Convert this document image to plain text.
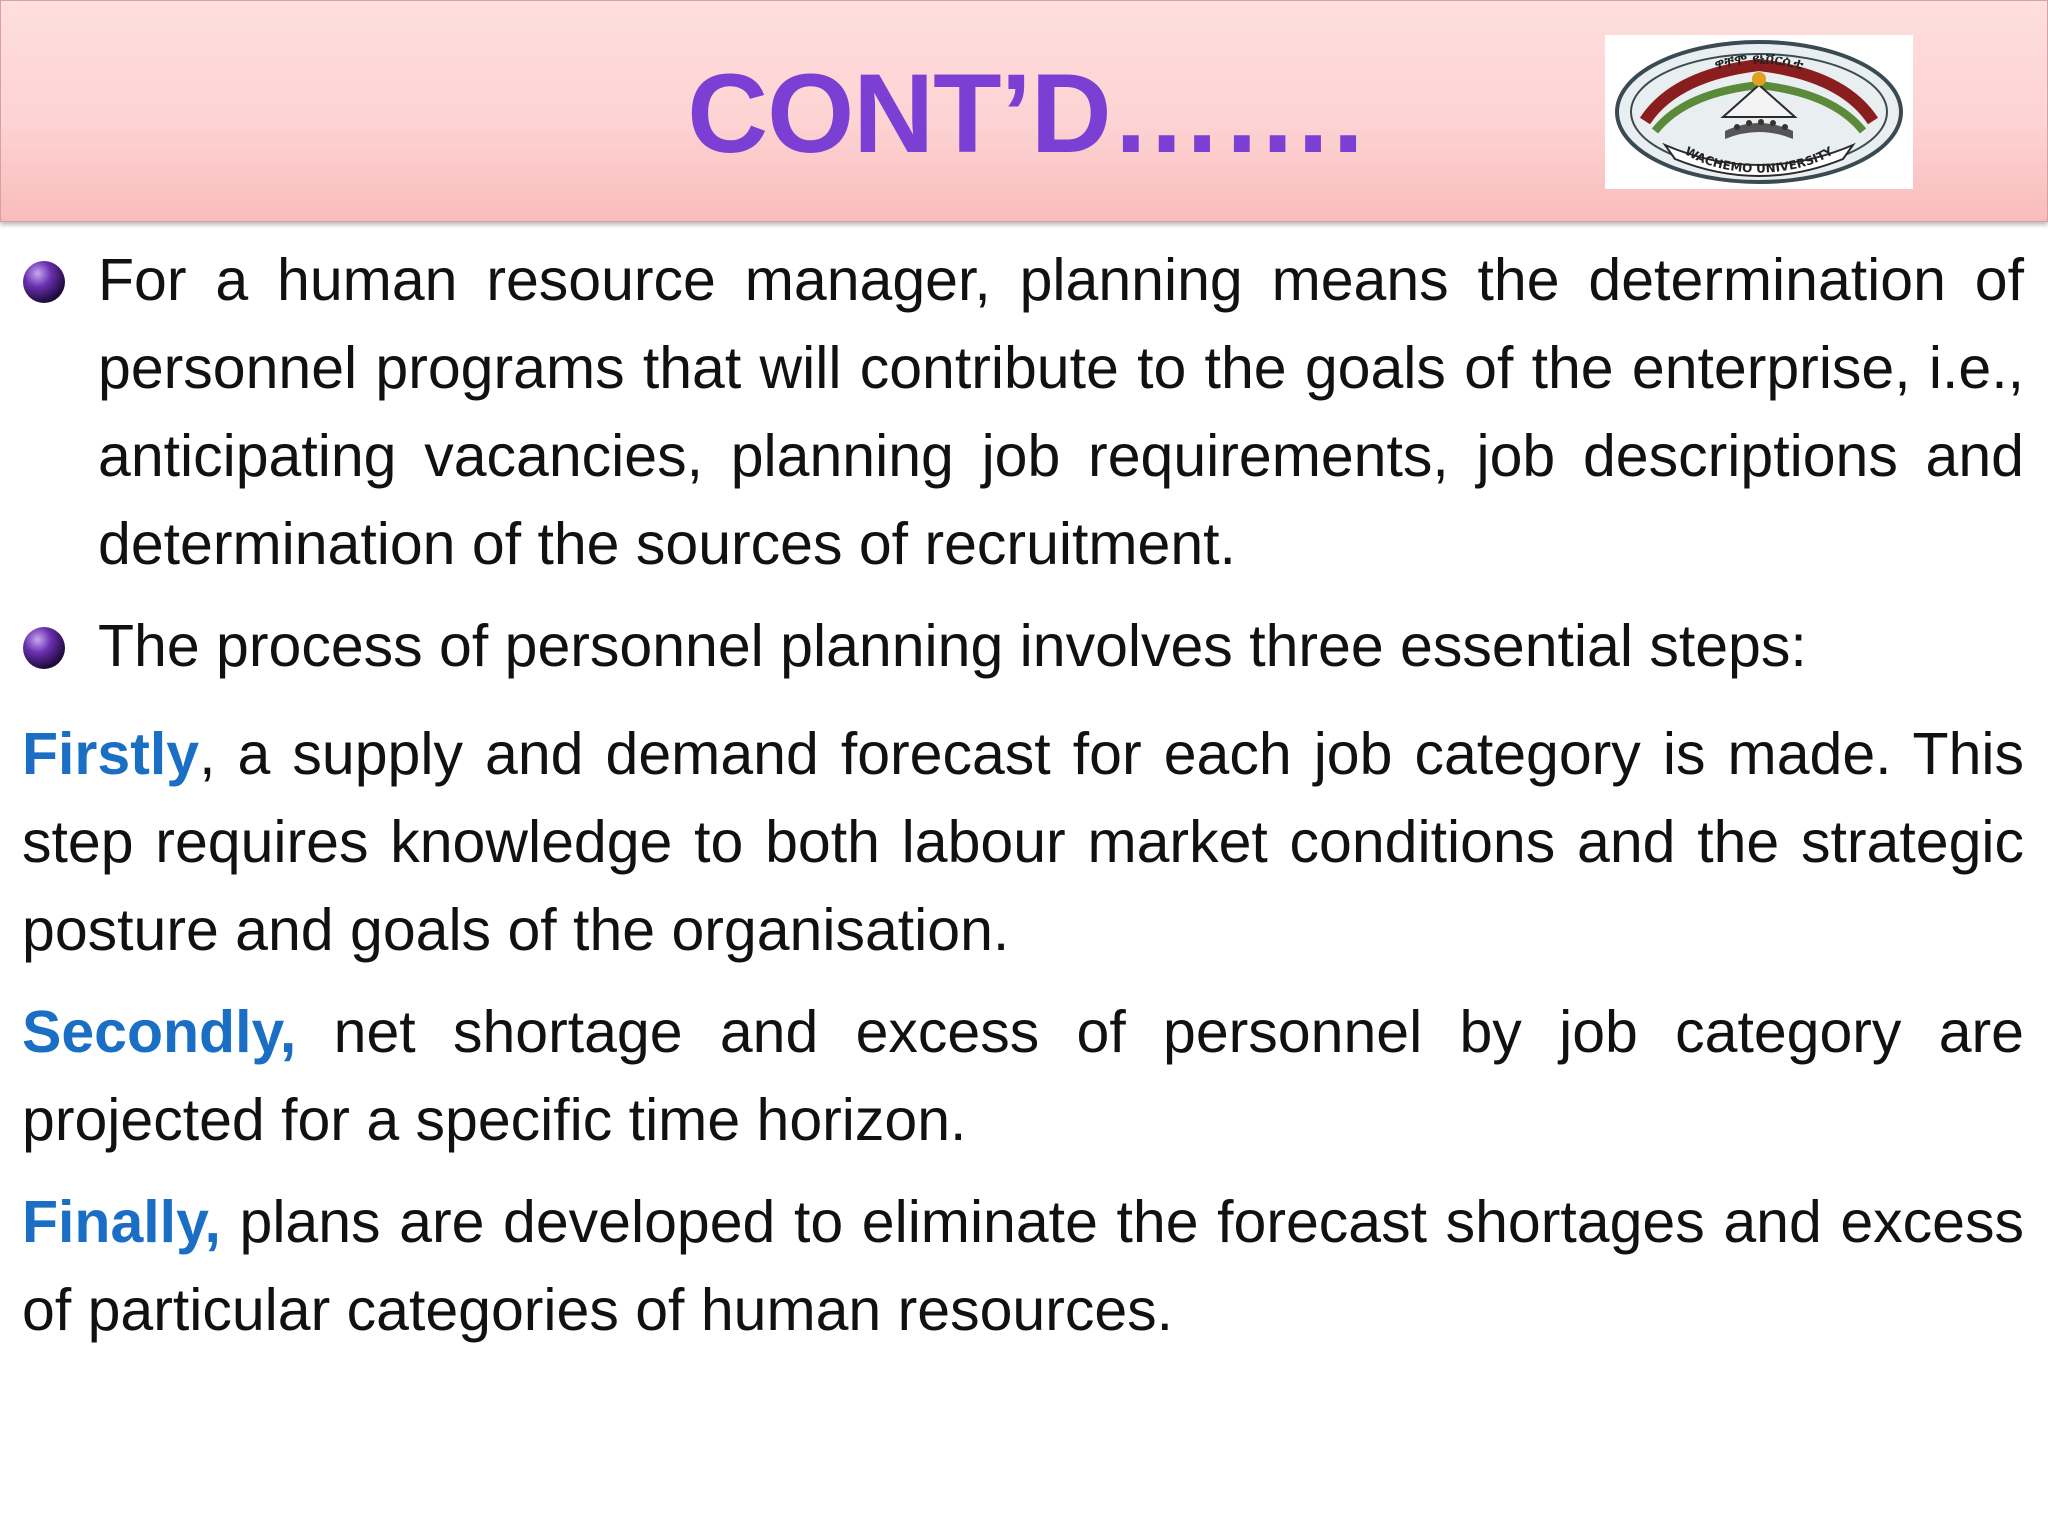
CONT’D…….	ዋቸሞ ዩኒቨርሲቲ
WACHEMO UNIVERSITY
For a human resource manager, planning means the determination of personnel programs that will contribute to the goals of the enterprise, i.e., anticipating vacancies, planning job requirements, job descriptions and determination of the sources of recruitment.
The process of personnel planning involves three essential steps:
Firstly, a supply and demand forecast for each job category is made. This step requires knowledge to both labour market conditions and the strategic posture and goals of the organisation.
Secondly, net shortage and excess of personnel by job category are projected for a specific time horizon.
Finally, plans are developed to eliminate the forecast shortages and excess of particular categories of human resources.
